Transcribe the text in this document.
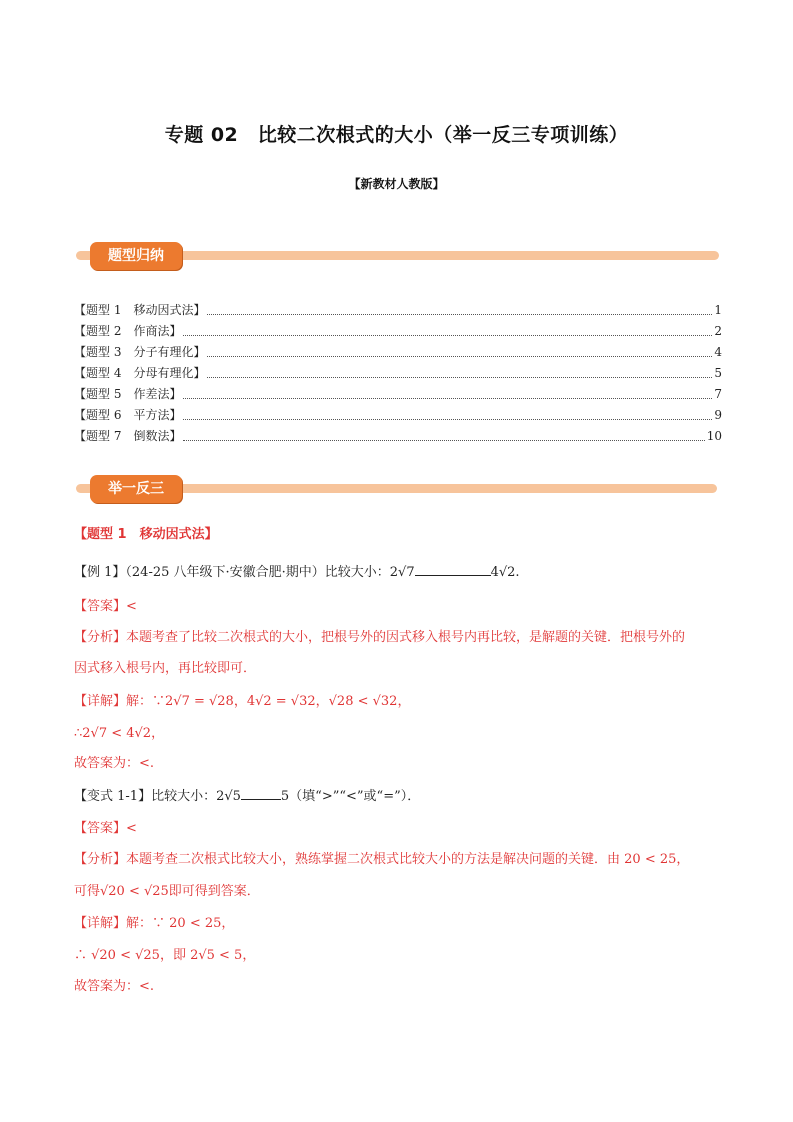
专题 02　比较二次根式的大小（举一反三专项训练）
【新教材人教版】
题型归纳
【题型 1　移动因式法】	1
【题型 2　作商法】	2
【题型 3　分子有理化】	4
【题型 4　分母有理化】	5
【题型 5　作差法】	7
【题型 6　平方法】	9
【题型 7　倒数法】	10
举一反三
【题型 1　移动因式法】
【例 1】（24-25 八年级下·安徽合肥·期中）比较大小：2√7	4√2.
【答案】<
【分析】本题考查了比较二次根式的大小，把根号外的因式移入根号内再比较，是解题的关键．把根号外的
因式移入根号内，再比较即可．
【详解】解：∵2√7 = √28，4√2 = √32，√28 < √32，
∴2√7 < 4√2，
故答案为：<.
【变式 1-1】比较大小：2√5	5（填“>”“<”或“=”）．
【答案】<
【分析】本题考查二次根式比较大小，熟练掌握二次根式比较大小的方法是解决问题的关键．由 20 < 25，
可得√20 < √25即可得到答案．
【详解】解：∵ 20 < 25，
∴ √20 < √25，即 2√5 < 5，
故答案为：<.
